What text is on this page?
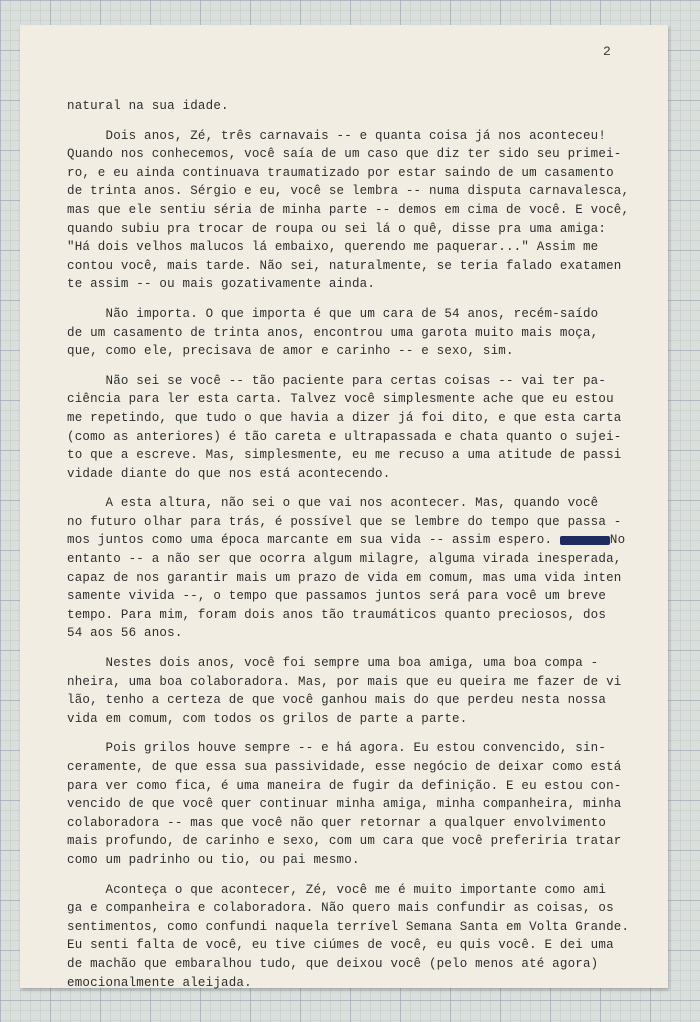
2
natural na sua idade.
Dois anos, Zé, três carnavais -- e quanta coisa já nos aconteceu!
Quando nos conhecemos, você saía de um caso que diz ter sido seu primei-
ro, e eu ainda continuava traumatizado por estar saindo de um casamento
de trinta anos. Sérgio e eu, você se lembra -- numa disputa carnavalesca,
mas que ele sentiu séria de minha parte -- demos em cima de você. E você,
quando subiu pra trocar de roupa ou sei lá o quê, disse pra uma amiga:
"Há dois velhos malucos lá embaixo, querendo me paquerar..." Assim me
contou você, mais tarde. Não sei, naturalmente, se teria falado exatamen
te assim -- ou mais gozativamente ainda.
Não importa. O que importa é que um cara de 54 anos, recém-saído
de um casamento de trinta anos, encontrou uma garota muito mais moça,
que, como ele, precisava de amor e carinho -- e sexo, sim.
Não sei se você -- tão paciente para certas coisas -- vai ter pa-
ciência para ler esta carta. Talvez você simplesmente ache que eu estou
me repetindo, que tudo o que havia a dizer já foi dito, e que esta carta
(como as anteriores) é tão careta e ultrapassada e chata quanto o sujei-
to que a escreve. Mas, simplesmente, eu me recuso a uma atitude de passi
vidade diante do que nos está acontecendo.
A esta altura, não sei o que vai nos acontecer. Mas, quando você
no futuro olhar para trás, é possível que se lembre do tempo que passa -
mos juntos como uma época marcante em sua vida -- assim espero.	No
entanto -- a não ser que ocorra algum milagre, alguma virada inesperada,
capaz de nos garantir mais um prazo de vida em comum, mas uma vida inten
samente vivida --, o tempo que passamos juntos será para você um breve
tempo. Para mim, foram dois anos tão traumáticos quanto preciosos, dos
54 aos 56 anos.
Nestes dois anos, você foi sempre uma boa amiga, uma boa compa -
nheira, uma boa colaboradora. Mas, por mais que eu queira me fazer de vi
lão, tenho a certeza de que você ganhou mais do que perdeu nesta nossa
vida em comum, com todos os grilos de parte a parte.
Pois grilos houve sempre -- e há agora. Eu estou convencido, sin-
ceramente, de que essa sua passividade, esse negócio de deixar como está
para ver como fica, é uma maneira de fugir da definição. E eu estou con-
vencido de que você quer continuar minha amiga, minha companheira, minha
colaboradora -- mas que você não quer retornar a qualquer envolvimento
mais profundo, de carinho e sexo, com um cara que você preferiria tratar
como um padrinho ou tio, ou pai mesmo.
Aconteça o que acontecer, Zé, você me é muito importante como ami
ga e companheira e colaboradora. Não quero mais confundir as coisas, os
sentimentos, como confundi naquela terrível Semana Santa em Volta Grande.
Eu senti falta de você, eu tive ciúmes de você, eu quis você. E dei uma
de machão que embaralhou tudo, que deixou você (pelo menos até agora)
emocionalmente aleijada.
